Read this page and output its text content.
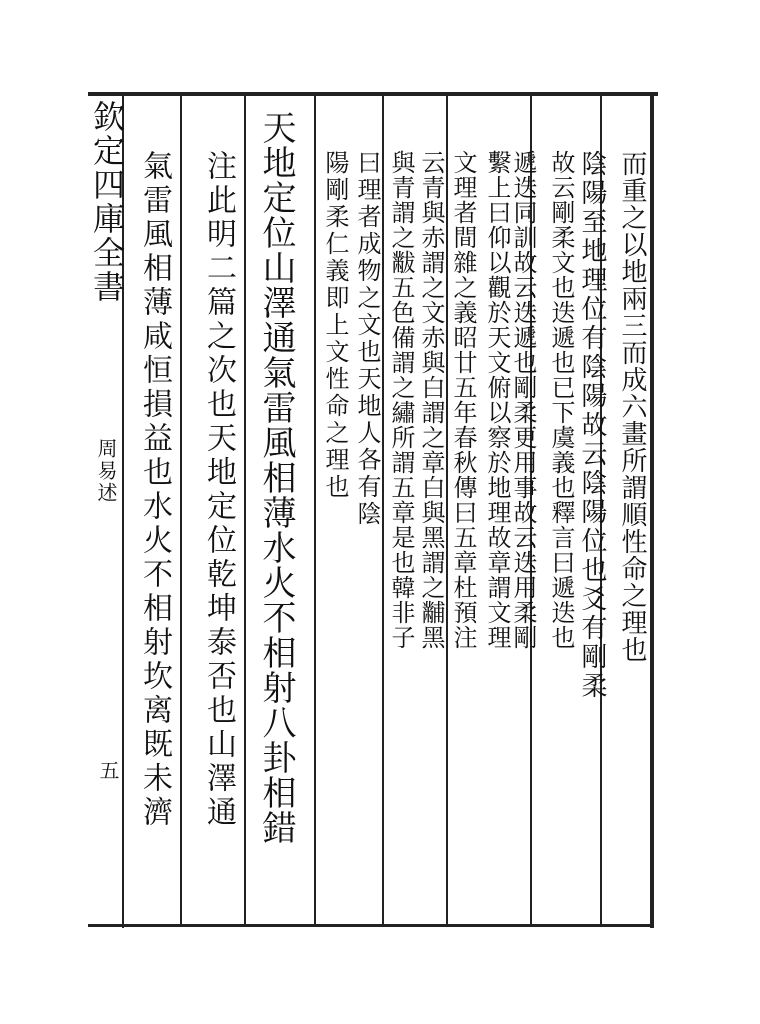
欽定四庫全書
周易述
五
而重之以地兩三而成六畫所謂順性命之理也
陰陽至地理位有陰陽故云陰陽位也爻有剛柔
故云剛柔文也迭遞也已下虞義也釋言曰遞迭也
遞迭同訓故云迭遞也剛柔更用事故云迭用柔剛
繫上曰仰以觀於天文俯以察於地理故章謂文理
文理者間雜之義昭廿五年春秋傳曰五章杜預注
云青與赤謂之文赤與白謂之章白與黑謂之黼黑
與青謂之黻五色備謂之繡所謂五章是也韓非子
曰理者成物之文也天地人各有陰
陽剛柔仁義即上文性命之理也
天地定位山澤通氣雷風相薄水火不相射八卦相錯
注此明二篇之次也天地定位乾坤泰否也山澤通
氣雷風相薄咸恒損益也水火不相射坎离既未濟
